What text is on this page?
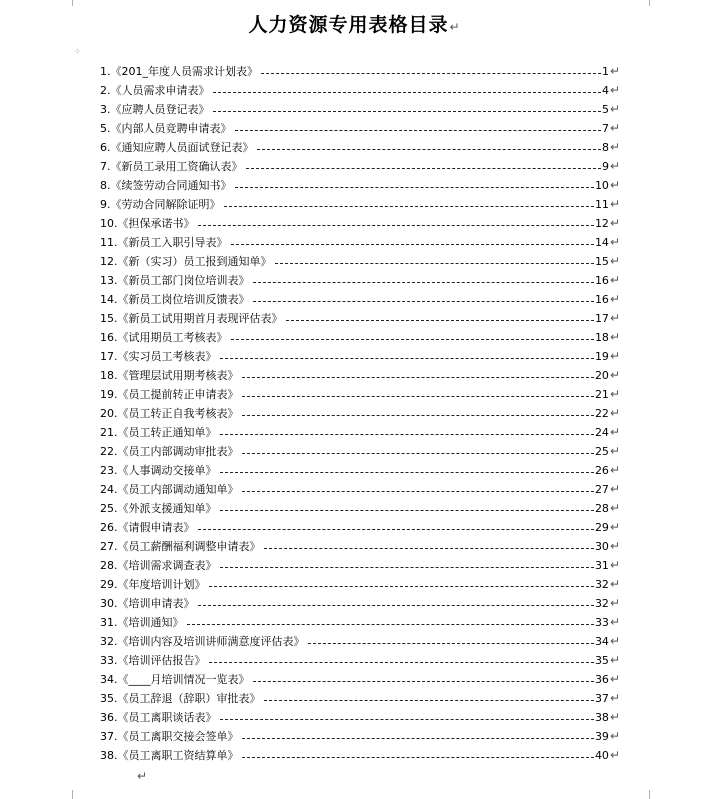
人力资源专用表格目录↵
⁘
1. 《201_年度人员需求计划表》	1 ↵
2. 《人员需求申请表》	4 ↵
3. 《应聘人员登记表》	5 ↵
5. 《内部人员竞聘申请表》	7 ↵
6. 《通知应聘人员面试登记表》	8 ↵
7. 《新员工录用工资确认表》	9 ↵
8. 《续签劳动合同通知书》	10 ↵
9. 《劳动合同解除证明》	11 ↵
10. 《担保承诺书》	12 ↵
11. 《新员工入职引导表》	14 ↵
12. 《新（实习）员工报到通知单》	15 ↵
13. 《新员工部门岗位培训表》	16 ↵
14. 《新员工岗位培训反馈表》	16 ↵
15. 《新员工试用期首月表现评估表》	17 ↵
16. 《试用期员工考核表》	18 ↵
17. 《实习员工考核表》	19 ↵
18. 《管理层试用期考核表》	20 ↵
19. 《员工提前转正申请表》	21 ↵
20. 《员工转正自我考核表》	22 ↵
21. 《员工转正通知单》	24 ↵
22. 《员工内部调动审批表》	25 ↵
23. 《人事调动交接单》	26 ↵
24. 《员工内部调动通知单》	27 ↵
25. 《外派支援通知单》	28 ↵
26. 《请假申请表》	29 ↵
27. 《员工薪酬福利调整申请表》	30 ↵
28. 《培训需求调查表》	31 ↵
29. 《年度培训计划》	32 ↵
30. 《培训申请表》	32 ↵
31. 《培训通知》	33 ↵
32. 《培训内容及培训讲师满意度评估表》	34 ↵
33. 《培训评估报告》	35 ↵
34. 《____月培训情况一览表》	36 ↵
35. 《员工辞退（辞职）审批表》	37 ↵
36. 《员工离职谈话表》	38 ↵
37. 《员工离职交接会签单》	39 ↵
38. 《员工离职工资结算单》	40 ↵
↵
